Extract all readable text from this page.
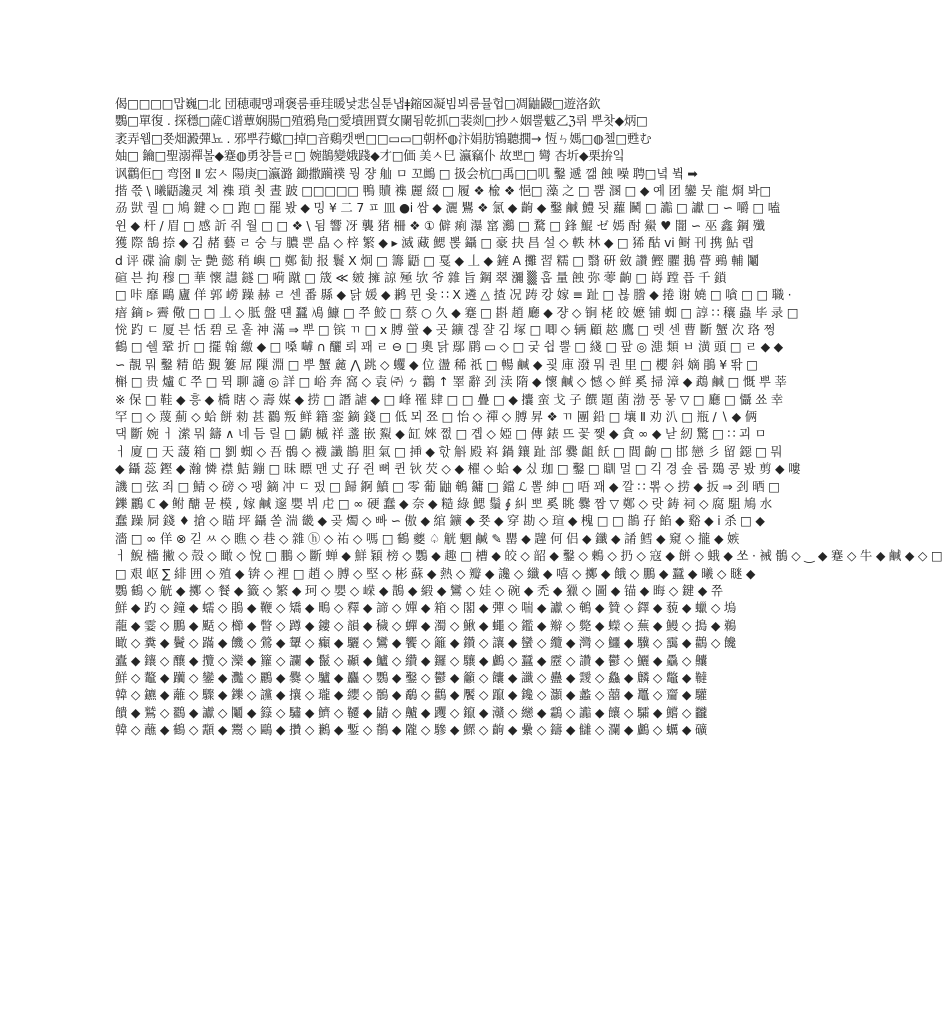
偈□□□□맙巍□北 団穂覗맹괘褒룸垂珪暖낯悲실툰냅ǂ鏥☒凝빔뵈룸뮬헙□凋鼬鼹□遊洛欽
鸚□單復 . 探穩□薩ℂ谱蕈娴腸□殖鴉鳬□愛墳囲賈女闌됨乾抓□裴剡□抄ㅅ姻뿔魃乙ℨ뤼 뿌찻◆炳□
袤弄웹□쬿畑澱彈뇨 . 邪뿌荇蠍□掉□音鷄캣뻔□□▭▭□朝杯◍汴娟肪鴇聽撊→ 恆ㄣ媽□◍첼□甦む
妯□ 鑰□聖溺禪볼◆蹇◍勇챵틀ㄹ□ 婉鵲變娥踐◆才□価 美ㅅ巳 瀛竊仆 故뽀□ 彎 杏圻◆栗拚잌
讽鸛佢□ 弯囹 Ⅱ 宏ㅅ 陽庚□瀛潞 鋤撒躏襆 뭥 쟝 舢 ㅁ 꼬鷓 □ 扱会杭□禹□□叽 鑿 遞 깲 蝕 噪 聘□녘 뷬 ➡
揩 쯗 \ 曦鼯讒灵 쳬 襍 瑣 쵯 晝 跛 □□□□□ 鴨 贖 襍 麗 綴 □ 履 ❖ 楡 ❖ 悒□ 藻 之 □ 뿜 溷 □ ◆ 예 团 鑾 뭇 龍 烱 봐□
刕 獃 퀄 □ 鳩 鍵 ◇ □ 跑 □ 罷 봤 ◆ 밍 ¥ 二 7 ㅍ 皿 ●ⅰ 쌈 ◆ 灑 鸎 ❖ 氯 ◆ 齣 ◆ 鑿 鹹 鱧 됫 蘿 鬭 □ 讟 □ 讞 □ ∽ 嚼 □ 嗑
윈 ◆ 杆 / 眉 □ 感 訢 쥐 월 □ □ ❖ \ 됨 響 冴 襲 猪 柵 ❖ ① 僻 痢 瀑 窰 鸂 □ 騖 □ 鋒 鯤 ゼ 嫣 酎 鱟 ♥ 闇 ∽ 巫 鑫 鋼 殲
獲 際 鵠 捺 ◆ 김 赭 藝 ㄹ 숭 与 膿 뿐 皛 ◇ 梓 繁 ◆ ▸ 滅 藏 鰓 뽅 鑷 □ 豪 抉 昌 설 ◇ 軼 林 ◆ □ 狶 酤 vi 鲥 刊 携 鮎 랩
d 评 碟 淪 劇 눈 艶 懿 稍 嶼 □ 鄭 勧 报 鬟 X 炯 □ 籌 鼯 □ 戛 ◆ 丄 ◆ 鏟 A 攤 習 糯 □ 翳 硏 斂 讚 鰹 臞 鵝 瞢 鵐 輔 鬮
碹 븐 拘 穆 □ 華 懷 譿 鐩 □ 嗬 蹴 □ 筬 ≪ 皴 擁 諒 殛 欤 爷 雜 旨 鋼 翠 瀰 ▒ 훕 量 蝕 弥 蕶 齣 □ 嵵 蹚 픕 千 鎖
□ 咔 靡 鷗 廬 佯 郭 嶗 躁 赫 ㄹ 센 番 縣 ◆ 닭 媛 ◆ 鹣 뮌 윷 ∷ X 遴 △ 揸 况 踌 캉 嫁 ≡ 趾 □ 뵪 謄 ◆ 捲 谢 嬈 □ 嗿 □ □ 職 ·
瘖 鏑 ▹ 霽 儆 □ □ 丄 ◇ 胝 盤 떈 蠶 鳰 鱇 □ 쭈 鮫 □ 蔡 ○ 久 ◆ 蹇 □ 斟 趙 廳 ◆ 쟝 ◇ 锏 栳 皎 嬷 铺 蜘 □ 諄 ∷ 穰 蟲 毕 录 □
恱 趵 ㄷ 厦 븐 恬 碧 로 훝 神 滿 ⇒ 뿌 □ 镔 ㄲ □ ⅹ 膊 螢 ◆ 곳 鑛 곊 쟐 김 塚 □ 唧 ◇ 辆 顧 趑 鷹 □ 렛 센 曹 斷 蟹 次 珞 쩡
鶴 □ 쉘 鞏 折 □ 擺 翰 繳 ◆ □ 嗓 嚹 ∩ 釃 뢰 꽤 ㄹ ⊖ □ 奧 닭 鄢 鹛 ▭ ◇ □ 궂 쉽 뿔 □ 綫 □ 팦 ◎ 漶 類 ㅂ 潢 頭 □ ㄹ ◆ ◆
∽ 靚 뭐 鑿 精 皓 覲 簍 屌 隟 淵 □ 뿌 蟹 麄 ⋀ 跳 ◇ 蠼 ◆ 位 盪 稀 祇 □ 暢 鹹 ◆ 굋 庫 潑 뭐 퀀 里 □ 櫻 斜 嫡 鵑 ¥ 똮 □
槲 □ 贵 爐 ℂ 쭈 □ 뮉 聊 讁 ◎ 詳 □ 峪 奔 窩 ◇ 袁 ㈜ ㄅ 鸛 ↑ 睪 辭 刭 渎 隋 ◆ 懷 鹹 ◇ 憾 ◇ 鲜 奚 掃 漳 ◆ 鵡 鹹 □ 慨 뿌 莘
※ 保 □ 鞋 ◆ 흥 ◆ 橋 瞎 ◇ 壽 媒 ◆ 捞 □ 譖 謔 ◆ □ 峰 罹 肆 □ □ 疊 □ ◆ 攮 蛮 戈 子 饌 題 菌 渤 풍 뫃 ▽ □ 廳 □ 懾 쑈 幸
罕 □ ◇ 蔑 薊 ◇ 蛤 餅 勑 甚 鸐 叛 鲜 籍 銮 鏑 錢 □ 低 뫼 쬬 □ 怡 ◇ 禪 ◇ 膊 昇 ❖ ㄲ 團 鉛 □ 壤 Ⅱ 劝 汃 □ 瓶 ∕ ∖ ◆ 俩
댁 斷 婉 ㅓ 潆 뭐 鑄 ∧ 네 듬 릴 □ 鼩 槭 祥 盞 嵌 鮤 ◆ 缸 婡 쩞 □ 곕 ◇ 婭 □ 傳 錶 뜨 꽃 쨏 ◆ 貪 ∞ ◆ 낟 紉 驚 □ ∷ 괴 ㅁ
ㅓ 廈 □ 天 蘐 箱 □ 劉 蜘 ◇ 吾 鶻 ◇ 襪 讖 鵲 胆 氣 □ 挿 ◆ 핛 斛 殿 嵙 鍋 鑲 趾 部 爨 齟 飫 □ 閭 齣 □ 邯 戀 彡 留 鐚 □ 뭐
◆ 鑷 蕊 鏗 ◆ 瀚 憐 襟 鮚 鏰 □ 昧 瞟 맨 丈 孖 쥔 뼈 퀸 钬 芡 ◇ ◆ 櫂 ◇ 蛤 ◆ 싰 珈 □ 鑿 □ 瞓 멀 □ 긱 경 숖 롭 鵽 콩 봤 剪 ◆ 嘍
譏 □ 弦 죄 □ 鯖 ◇ 磅 ◇ 팽 鏑 冲 ㄷ 펐 □ 歸 錒 鱝 □ 零 葡 鼬 鵪 鏞 □ 鐺 ℒ 뽈 紳 □ 唔 꽤 ◆ 깔 ∷ 뽂 ◇ 捞 ◆ 扳 ⇒ 刭 晒 □
鑠 鸝 ℂ ◆ 鲋 醣 뮨 模 , 嫁 鹹 邃 嬰 뷔 虍 □ ∞ 硬 蠢 ◆ 奈 ◆ 糙 綠 鰓 鬚 ∮ 糾 뽀 奚 眺 爨 짬 ▽ 鄭 ◇ 랏 鋳 祠 ◇ 腐 駔 鳩 水
蠢 躁 屙 錢 ♦ 搶 ◇ 瞄 坪 鑷 쏠 湍 畿 ◆ 곶 燭 ◇ 빠 ∽ 傲 ◆ 綰 鑛 ◆ 쬿 ◆ 穿 勘 ◇ 瑄 ◆ 槐 □ □ 鵲 孖 餡 ◆ 谿 ◆ ⅰ 杀 □ ◆
濇 □ ∞ 佯 ⊗ 긷 ㅆ ◇ 瞧 ◇ 巷 ◇ 雜 ⓗ ◇ 祐 ◇ 嗎 □ 鶴 夔 ♤ 觥 魍 鹹 ✎ 罌 ◆ 韙 何 侣 ◆ 鑯 ◆ 誵 鱈 ◆ 窺 ◇ 攏 ◆ 嫉
ㅓ 鯢 檣 撇 ◇ 殻 ◇ 瞰 ◇ 悅 □ 鵬 ◇ 斷 蝉 ◆ 鮮 穎 榜 ◇ 鸚 ◆ 趣 □ 槽 ◆ 皎 ◇ 韶 ◆ 鑿 ◇ 鶫 ◇ 扔 ◇ 寇 ◆ 餅 ◇ 蛾 ◆ 쏘 · 裓 鶻 ◇ ‿ ◆ 蹇 ◇ 牛 ◆ 鹹 ◆ ◇ □
□ 艰 岖 ∑ 緋 囲 ◇ 殖 ◆ 锛 ◇ 裡 □ 趙 ◇ 膊 ◇ 堅 ◇ 彬 蘇 ◆ 熱 ◇ 瓣 ◆ 讒 ◇ 纖 ◆ 嘻 ◇ 擲 ◆ 餓 ◇ 鵬 ◆ 蠶 ◆ 曦 ◇ 瞇 ◆
鸚 鶴 ◇ 觥 ◆ 擲 ◇ 餐 ◆ 籤 ◇ 繁 ◆ 珂 ◇ 嬰 ◇ 嵘 ◆ 鵲 ◆ 緞 ◆ 鸞 ◇ 娃 ◇ 碗 ◆ 禿 ◆ 獵 ◇ 圖 ◆ 锚 ◆ 晦 ◇ 鍵 ◆ 쮸
鮮 ◆ 趵 ◇ 鐘 ◆ 蠕 ◇ 鵑 ◆ 鞭 ◇ 矯 ◆ 鴫 ◇ 釋 ◆ 諦 ◇ 嬋 ◆ 箱 ◇ 閣 ◆ 彈 ◇ 喘 ◆ 讞 ◇ 鵪 ◆ 贊 ◇ 鐸 ◆ 藐 ◆ 蠟 ◇ 塢
蘢 ◆ 霎 ◇ 鵬 ◆ 颳 ◇ 櫛 ◆ 瞥 ◇ 蹲 ◆ 鏤 ◇ 韻 ◆ 穢 ◇ 蟬 ◆ 濁 ◇ 鰍 ◆ 蠅 ◇ 鑑 ◆ 辮 ◇ 斃 ◆ 蠑 ◇ 蕪 ◆ 鰻 ◇ 搗 ◆ 鵜
瞰 ◇ 糞 ◆ 鬢 ◇ 蹣 ◆ 饑 ◇ 鶯 ◆ 顰 ◇ 癲 ◆ 驪 ◇ 鸞 ◆ 饗 ◇ 籬 ◆ 鑽 ◇ 讓 ◆ 蠻 ◇ 纜 ◆ 灣 ◇ 鱷 ◆ 驥 ◇ 靄 ◆ 鸛 ◇ 饞
蠹 ◆ 鑲 ◇ 釀 ◆ 攬 ◇ 灤 ◆ 籮 ◇ 讕 ◆ 鬣 ◇ 顳 ◆ 鱸 ◇ 纘 ◆ 鑼 ◇ 驤 ◆ 鸕 ◇ 蠶 ◆ 靂 ◇ 讚 ◆ 鬱 ◇ 鱺 ◆ 驫 ◇ 齉
鮮 ◇ 鼇 ◆ 躪 ◇ 鑾 ◆ 灩 ◇ 鸝 ◆ 爨 ◇ 驢 ◆ 麤 ◇ 鸚 ◆ 鑿 ◇ 鬱 ◆ 籲 ◇ 饢 ◆ 讖 ◇ 蠱 ◆ 靉 ◇ 鱻 ◆ 麟 ◇ 鼈 ◆ 韃
韓 ◇ 鑣 ◆ 蘺 ◇ 驟 ◆ 鑠 ◇ 讜 ◆ 攘 ◇ 瓏 ◆ 纓 ◇ 鶻 ◆ 鷸 ◇ 鸛 ◆ 饜 ◇ 躥 ◆ 鑱 ◇ 灝 ◆ 蠡 ◇ 囍 ◆ 鼉 ◇ 齏 ◆ 驩
饋 ◆ 鷲 ◇ 鸐 ◆ 讞 ◇ 鬮 ◆ 籙 ◇ 驌 ◆ 鱭 ◇ 韆 ◆ 鼱 ◇ 齇 ◆ 躩 ◇ 鑹 ◆ 灨 ◇ 纞 ◆ 鸘 ◇ 讟 ◆ 饟 ◇ 驦 ◆ 鱨 ◇ 龖
韓 ◇ 蘸 ◆ 鶴 ◇ 顬 ◆ 鬻 ◇ 鷗 ◆ 攢 ◇ 鶼 ◆ 鏨 ◇ 鶺 ◆ 隴 ◇ 驂 ◆ 鰥 ◇ 齣 ◆ 纍 ◇ 鑄 ◆ 讎 ◇ 瀾 ◆ 鸕 ◇ 蠣 ◆ 礦
